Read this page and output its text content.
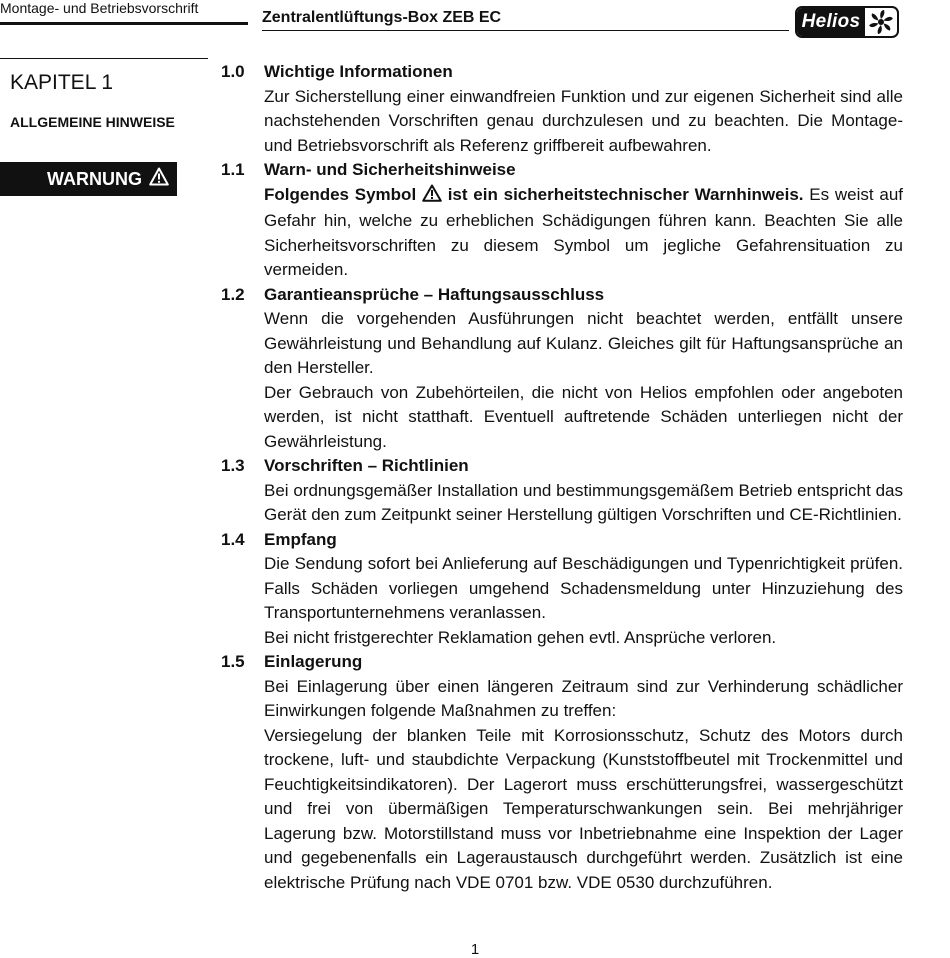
Montage- und Betriebsvorschrift
Zentralentlüftungs-Box ZEB EC	Helios
KAPITEL 1
ALLGEMEINE HINWEISE
WARNUNG
1.0	Wichtige Informationen

Zur Sicherstellung einer einwandfreien Funktion und zur eigenen Sicherheit sind alle nachstehenden Vorschriften genau durchzulesen und zu beachten. Die Montage- und Betriebsvorschrift als Referenz griffbereit aufbewahren.

1.1	Warn- und Sicherheitshinweise

Folgendes Symbol ist ein sicherheitstechnischer Warnhinweis. Es weist auf Gefahr hin, welche zu erheblichen Schädigungen führen kann. Beachten Sie alle Sicherheitsvorschriften zu diesem Symbol um jegliche Gefahrensituation zu vermeiden.

1.2	Garantieansprüche – Haftungsausschluss

Wenn die vorgehenden Ausführungen nicht beachtet werden, entfällt unsere Gewährleistung und Behandlung auf Kulanz. Gleiches gilt für Haftungsansprüche an den Hersteller.

Der Gebrauch von Zubehörteilen, die nicht von Helios empfohlen oder angeboten werden, ist nicht statthaft. Eventuell auftretende Schäden unterliegen nicht der Gewährleistung.

1.3	Vorschriften – Richtlinien

Bei ordnungsgemäßer Installation und bestimmungsgemäßem Betrieb entspricht das Gerät den zum Zeitpunkt seiner Herstellung gültigen Vorschriften und CE-Richtlinien.

1.4	Empfang

Die Sendung sofort bei Anlieferung auf Beschädigungen und Typenrichtigkeit prüfen. Falls Schäden vorliegen umgehend Schadensmeldung unter Hinzuziehung des Transportunternehmens veranlassen.

Bei nicht fristgerechter Reklamation gehen evtl. Ansprüche verloren.

1.5	Einlagerung

Bei Einlagerung über einen längeren Zeitraum sind zur Verhinderung schädlicher Einwirkungen folgende Maßnahmen zu treffen:

Versiegelung der blanken Teile mit Korrosionsschutz, Schutz des Motors durch trockene, luft- und staubdichte Verpackung (Kunststoffbeutel mit Trockenmittel und Feuchtigkeitsindikatoren). Der Lagerort muss erschütterungsfrei, wassergeschützt und frei von übermäßigen Temperaturschwankungen sein. Bei mehrjähriger Lagerung bzw. Motorstillstand muss vor Inbetriebnahme eine Inspektion der Lager und gegebenenfalls ein Lageraustausch durchgeführt werden. Zusätzlich ist eine elektrische Prüfung nach VDE 0701 bzw. VDE 0530 durchzuführen.

1
